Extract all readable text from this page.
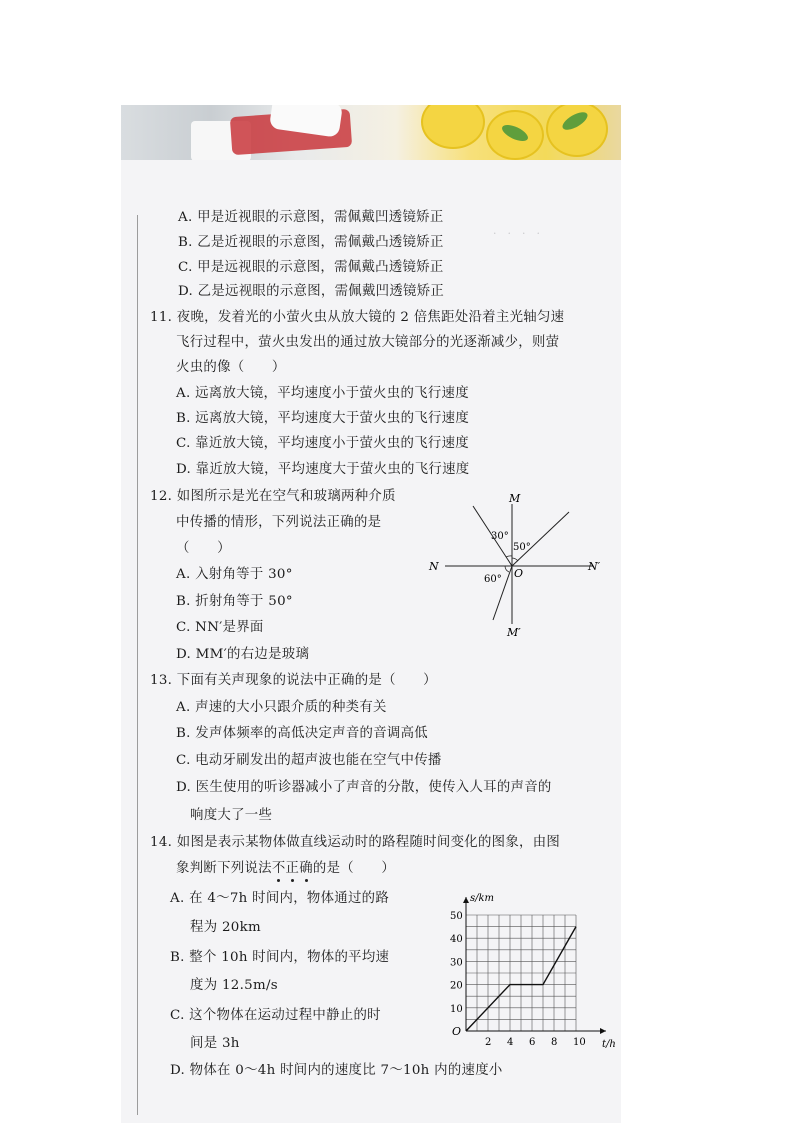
·　·　·　·
A. 甲是近视眼的示意图，需佩戴凹透镜矫正
B. 乙是近视眼的示意图，需佩戴凸透镜矫正
C. 甲是远视眼的示意图，需佩戴凸透镜矫正
D. 乙是远视眼的示意图，需佩戴凹透镜矫正
11. 夜晚，发着光的小萤火虫从放大镜的 2 倍焦距处沿着主光轴匀速
飞行过程中，萤火虫发出的通过放大镜部分的光逐渐减少，则萤
火虫的像（　　）
A. 远离放大镜，平均速度小于萤火虫的飞行速度
B. 远离放大镜，平均速度大于萤火虫的飞行速度
C. 靠近放大镜，平均速度小于萤火虫的飞行速度
D. 靠近放大镜，平均速度大于萤火虫的飞行速度
12. 如图所示是光在空气和玻璃两种介质
中传播的情形，下列说法正确的是
（　　）
A. 入射角等于 30°
B. 折射角等于 50°
C. NN′是界面
D. MM′的右边是玻璃
M
M′
N	N′
O
30°
50°
60°
13. 下面有关声现象的说法中正确的是（　　）
A. 声速的大小只跟介质的种类有关
B. 发声体频率的高低决定声音的音调高低
C. 电动牙刷发出的超声波也能在空气中传播
D. 医生使用的听诊器减小了声音的分散，使传入人耳的声音的
响度大了一些
14. 如图是表示某物体做直线运动时的路程随时间变化的图象，由图
象判断下列说法不正确
的是（　　）
A. 在 4～7h 时间内，物体通过的路
程为 20km
B. 整个 10h 时间内，物体的平均速
度为 12.5m/s
C. 这个物体在运动过程中静止的时
间是 3h
D. 物体在 0～4h 时间内的速度比 7～10h 内的速度小
2 4 6 8 10
10
20
30
40
50
O
t/h
s/km
